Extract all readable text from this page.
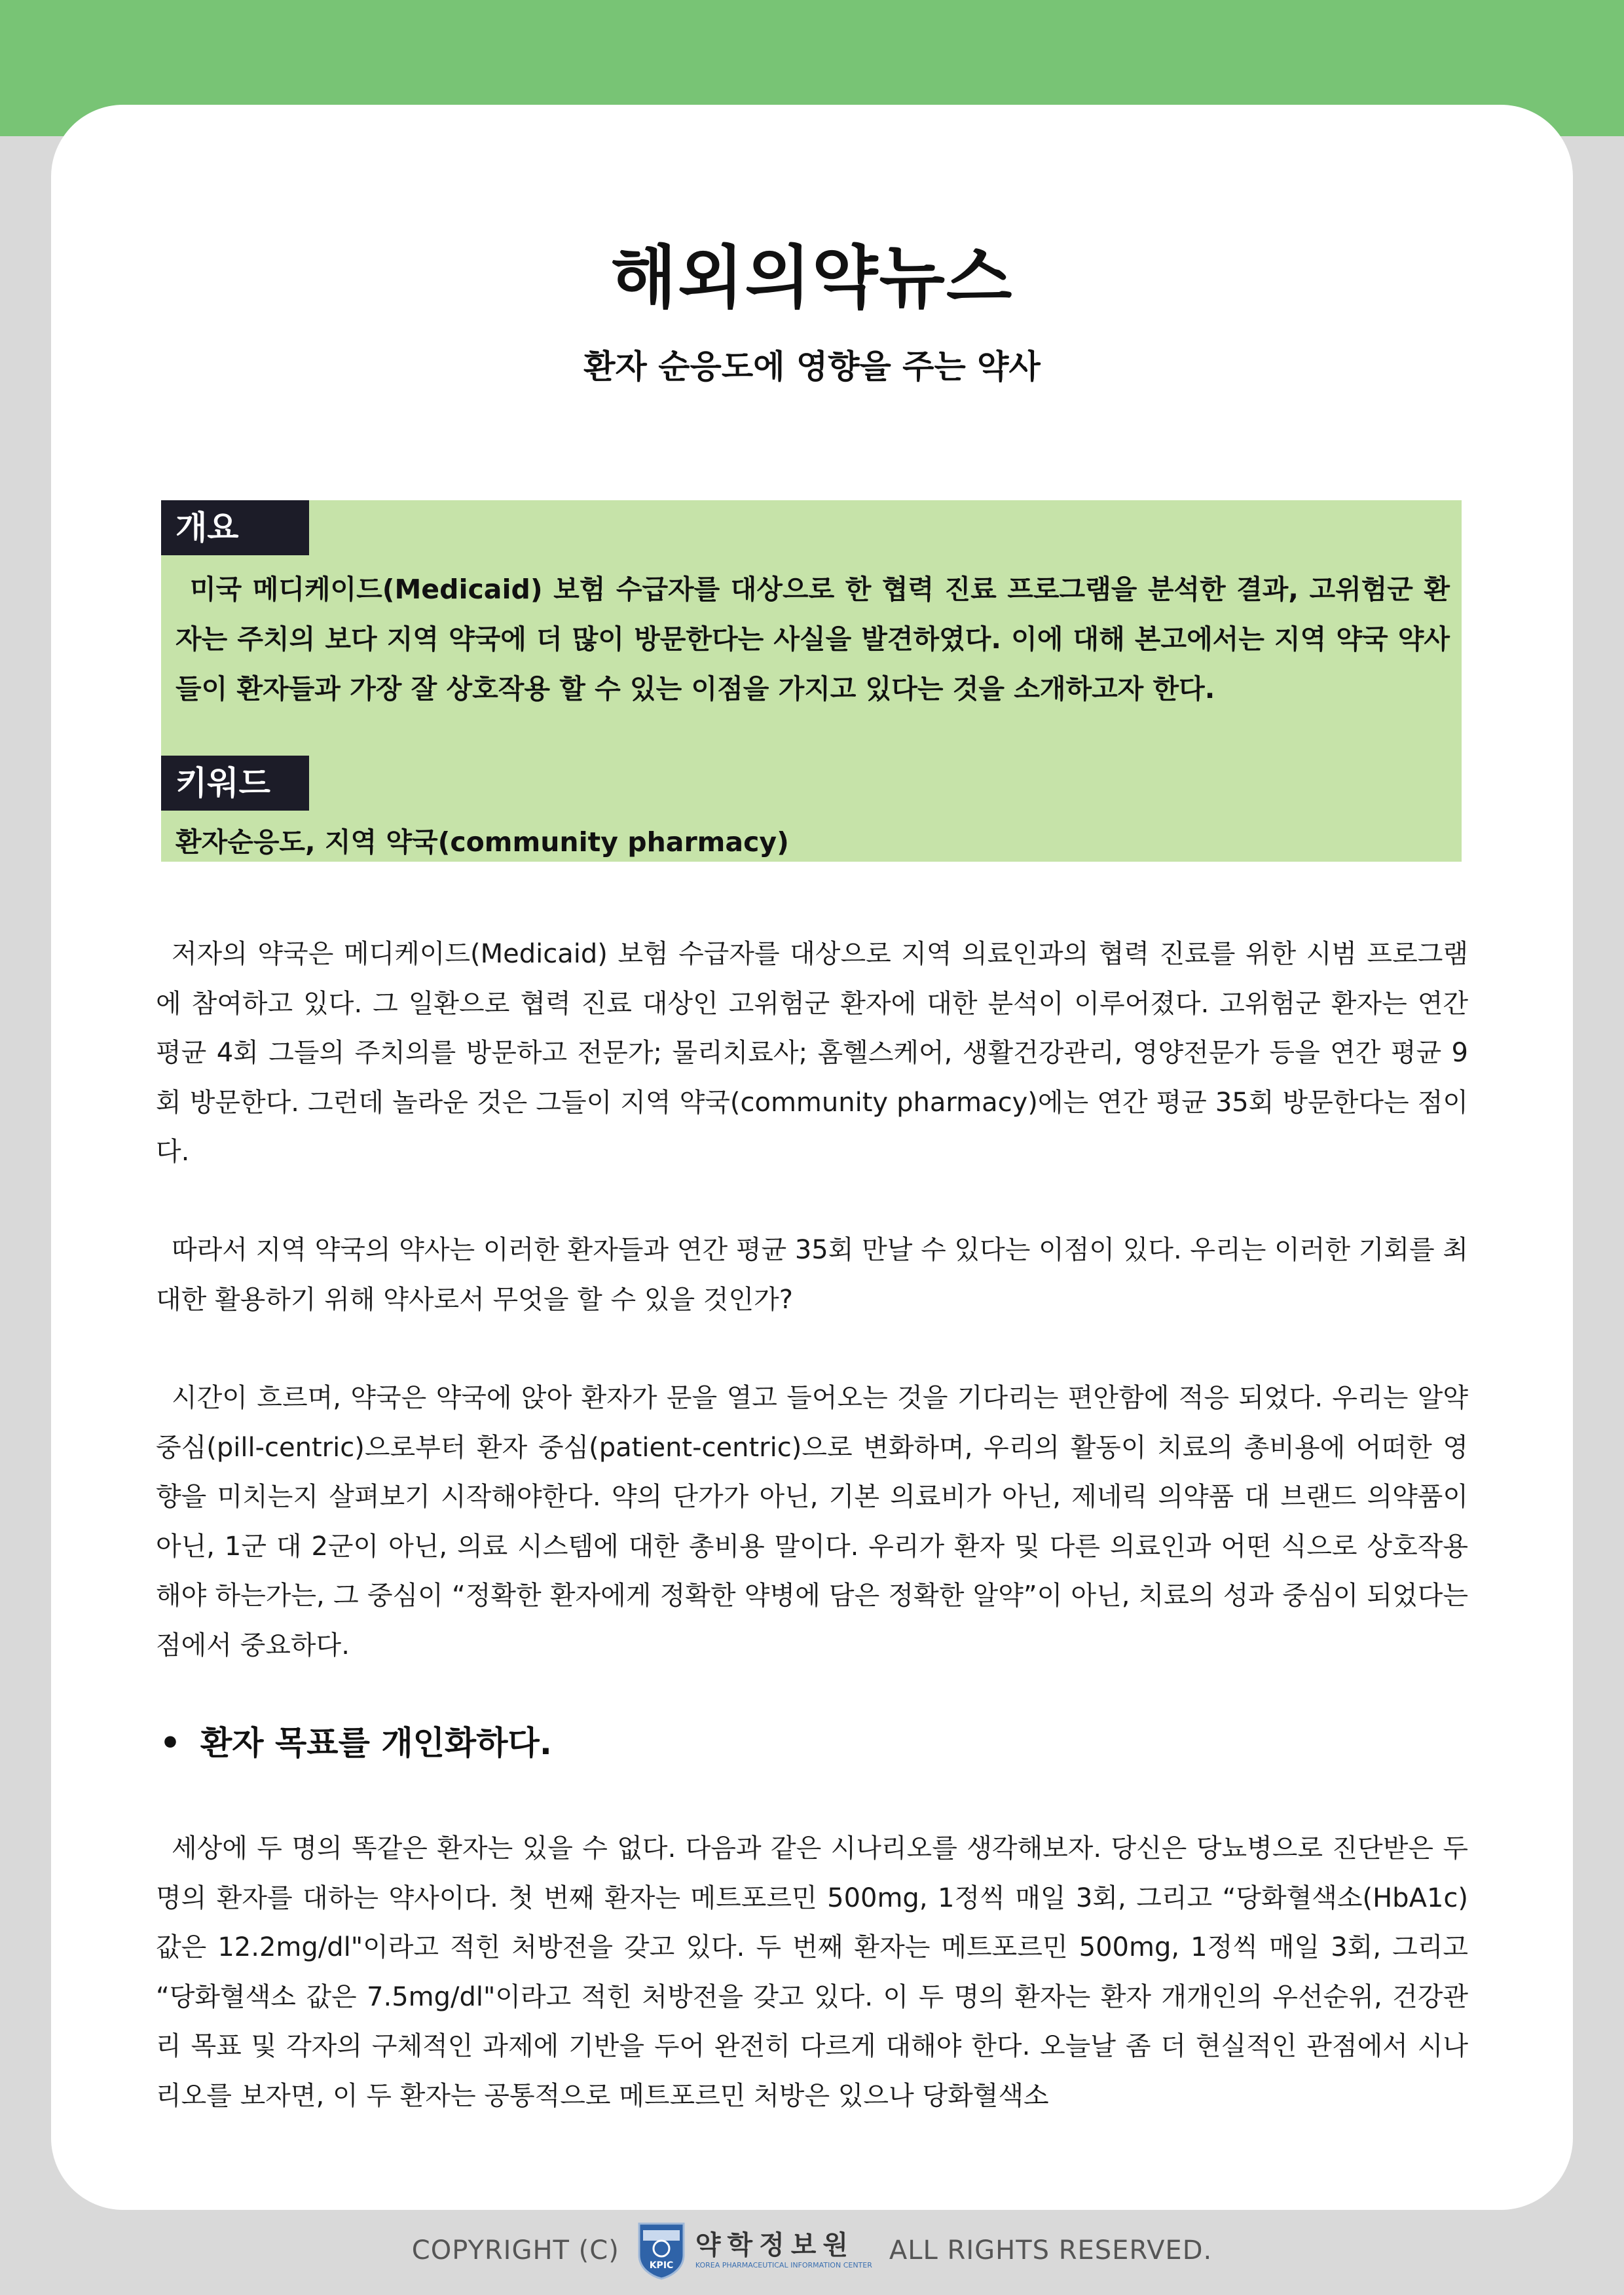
해외의약뉴스
환자 순응도에 영향을 주는 약사
개요
미국 메디케이드(Medicaid) 보험 수급자를 대상으로 한 협력 진료 프로그램을 분석한 결과, 고위험군 환자는 주치의 보다 지역 약국에 더 많이 방문한다는 사실을 발견하였다. 이에 대해 본고에서는 지역 약국 약사들이 환자들과 가장 잘 상호작용 할 수 있는 이점을 가지고 있다는 것을 소개하고자 한다.
키워드
환자순응도, 지역 약국(community pharmacy)

저자의 약국은 메디케이드(Medicaid) 보험 수급자를 대상으로 지역 의료인과의 협력 진료를 위한 시범 프로그램에 참여하고 있다. 그 일환으로 협력 진료 대상인 고위험군 환자에 대한 분석이 이루어졌다. 고위험군 환자는 연간 평균 4회 그들의 주치의를 방문하고 전문가; 물리치료사; 홈헬스케어, 생활건강관리, 영양전문가 등을 연간 평균 9회 방문한다. 그런데 놀라운 것은 그들이 지역 약국(community pharmacy)에는 연간 평균 35회 방문한다는 점이다.

따라서 지역 약국의 약사는 이러한 환자들과 연간 평균 35회 만날 수 있다는 이점이 있다. 우리는 이러한 기회를 최대한 활용하기 위해 약사로서 무엇을 할 수 있을 것인가?

시간이 흐르며, 약국은 약국에 앉아 환자가 문을 열고 들어오는 것을 기다리는 편안함에 적응 되었다. 우리는 알약 중심(pill-centric)으로부터 환자 중심(patient-centric)으로 변화하며, 우리의 활동이 치료의 총비용에 어떠한 영향을 미치는지 살펴보기 시작해야한다. 약의 단가가 아닌, 기본 의료비가 아닌, 제네릭 의약품 대 브랜드 의약품이 아닌, 1군 대 2군이 아닌, 의료 시스템에 대한 총비용 말이다. 우리가 환자 및 다른 의료인과 어떤 식으로 상호작용해야 하는가는, 그 중심이 “정확한 환자에게 정확한 약병에 담은 정확한 알약”이 아닌, 치료의 성과 중심이 되었다는 점에서 중요하다.

• 환자 목표를 개인화하다.

세상에 두 명의 똑같은 환자는 있을 수 없다. 다음과 같은 시나리오를 생각해보자. 당신은 당뇨병으로 진단받은 두 명의 환자를 대하는 약사이다. 첫 번째 환자는 메트포르민 500mg, 1정씩 매일 3회, 그리고 “당화혈색소(HbA1c) 값은 12.2mg/dl"이라고 적힌 처방전을 갖고 있다. 두 번째 환자는 메트포르민 500mg, 1정씩 매일 3회, 그리고 “당화혈색소 값은 7.5mg/dl"이라고 적힌 처방전을 갖고 있다. 이 두 명의 환자는 환자 개개인의 우선순위, 건강관리 목표 및 각자의 구체적인 과제에 기반을 두어 완전히 다르게 대해야 한다. 오늘날 좀 더 현실적인 관점에서 시나리오를 보자면, 이 두 환자는 공통적으로 메트포르민 처방은 있으나 당화혈색소

COPYRIGHT (C)	KPIC
약학정보원
KOREA PHARMACEUTICAL INFORMATION CENTER ALL RIGHTS RESERVED.
